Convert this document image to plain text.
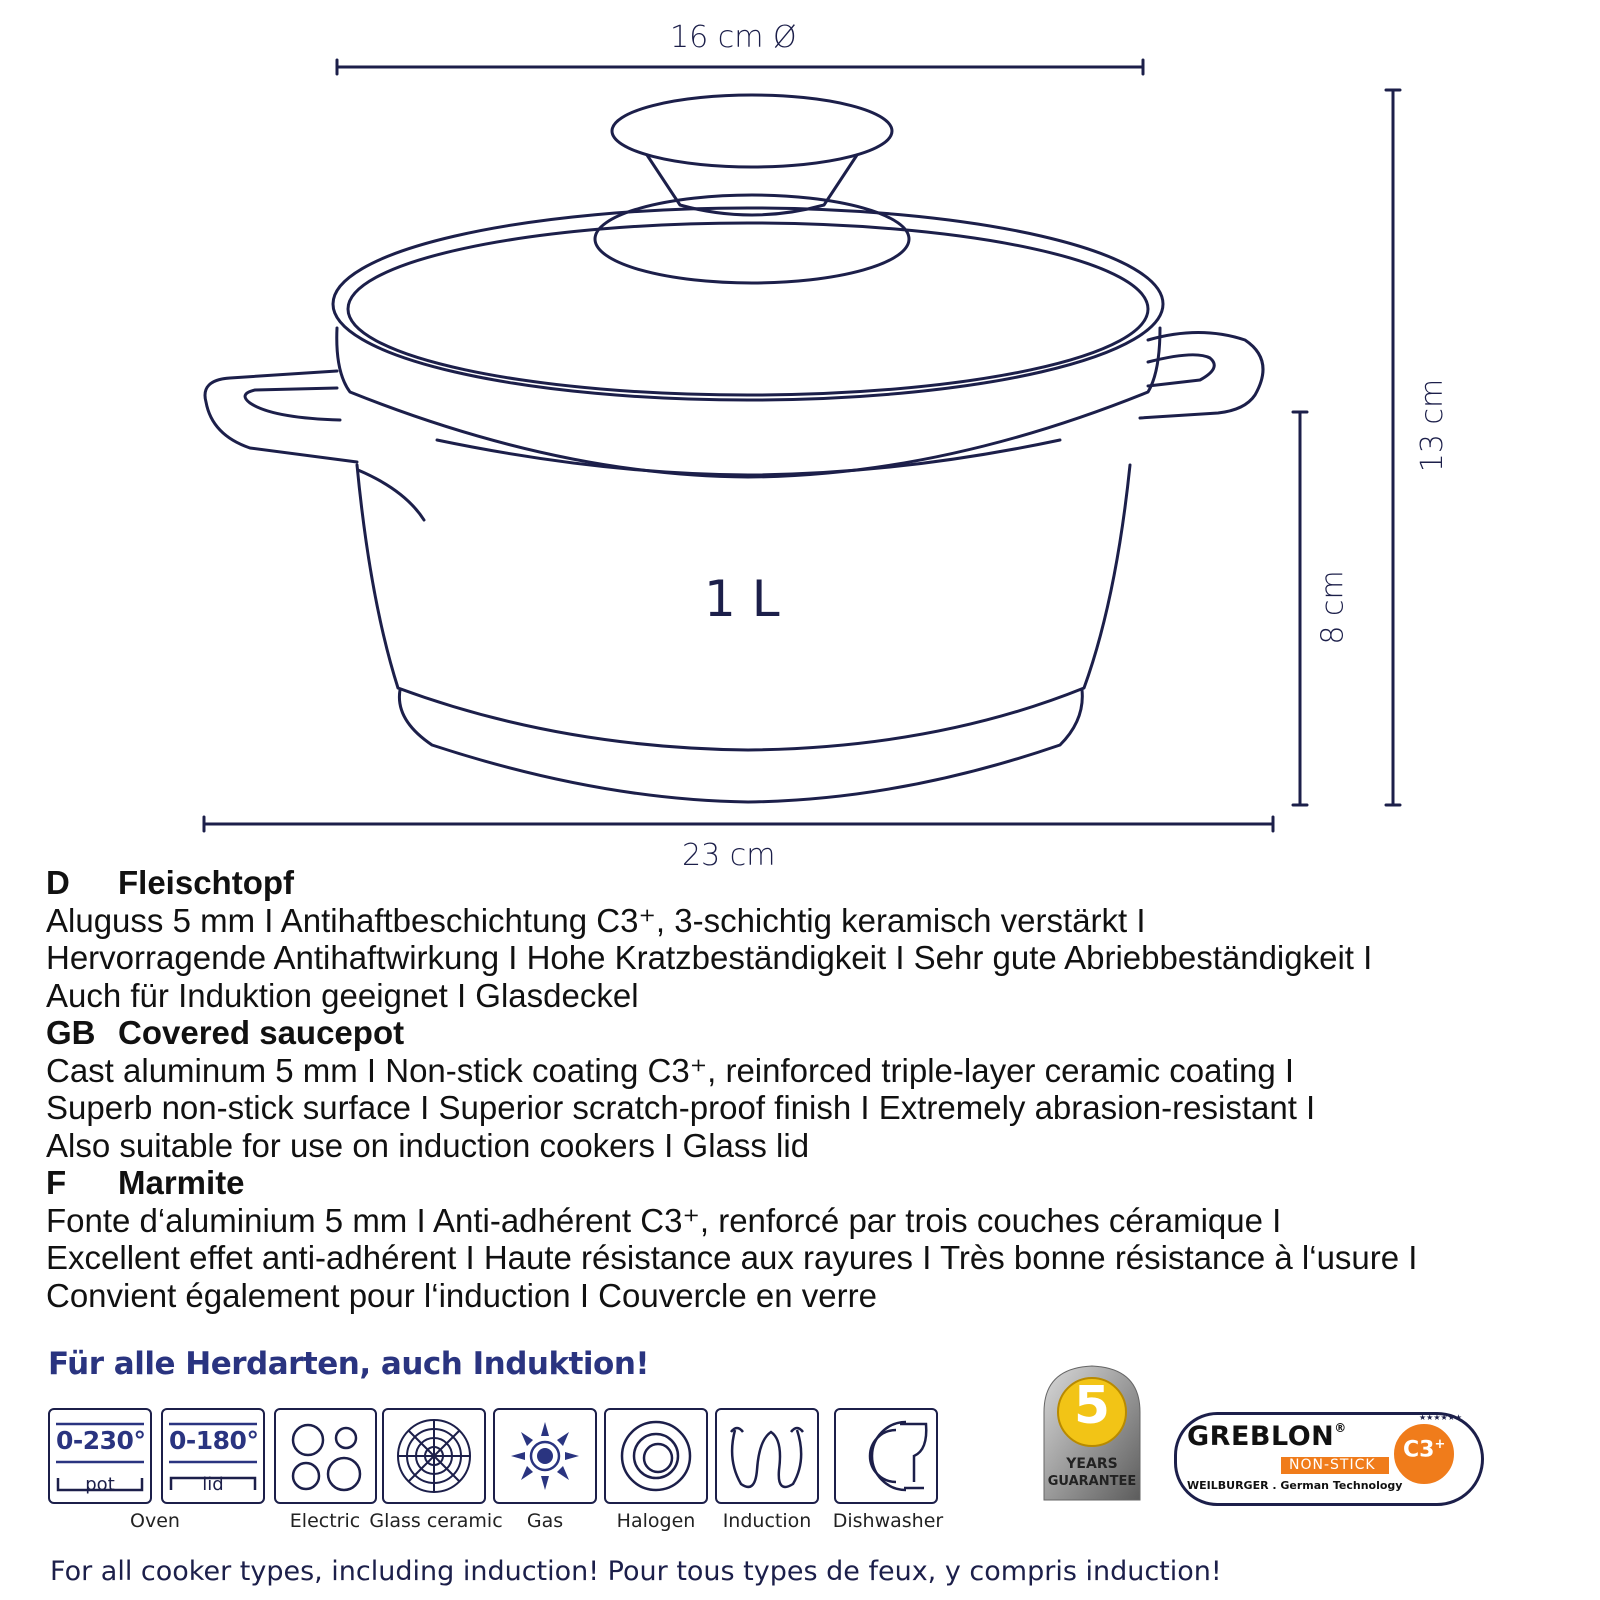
16 cm Ø
23 cm
13 cm
8 cm
1 L
D Fleischtopf
Aluguss 5 mm I Antihaftbeschichtung C3⁺, 3-schichtig keramisch verstärkt I
Hervorragende Antihaftwirkung I Hohe Kratzbeständigkeit I Sehr gute Abriebbeständigkeit I
Auch für Induktion geeignet I Glasdeckel
GB Covered saucepot
Cast aluminum 5 mm I Non-stick coating C3⁺, reinforced triple-layer ceramic coating I
Superb non-stick surface I Superior scratch-proof finish I Extremely abrasion-resistant I
Also suitable for use on induction cookers I Glass lid
F Marmite
Fonte d‘aluminium 5 mm I Anti-adhérent C3⁺, renforcé par trois couches céramique I
Excellent effet anti-adhérent I Haute résistance aux rayures I Très bonne résistance à l‘usure I
Convient également pour l‘induction I Couvercle en verre
Für alle Herdarten, auch Induktion!
0-230°
pot
0-180°
lid
Oven	Electric Glass ceramic	Gas	Halogen	Induction	Dishwasher
5
YEARS
GUARANTEE
GREBLON®
NON-STICK
WEILBURGER . German Technology
C3+
★★★★★★
For all cooker types, including induction! Pour tous types de feux, y compris induction!
